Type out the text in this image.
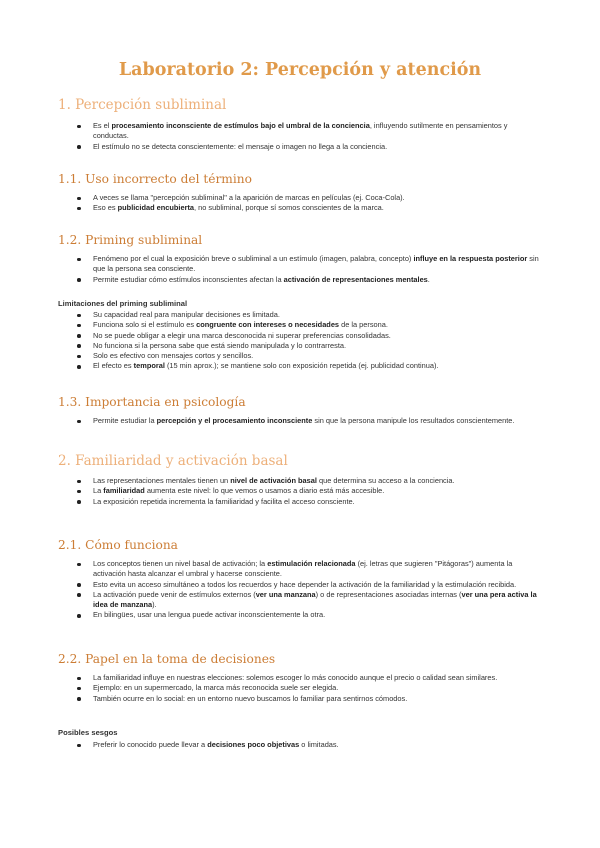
Laboratorio 2: Percepción y atención
1. Percepción subliminal
Es el procesamiento inconsciente de estímulos bajo el umbral de la conciencia, influyendo sutilmente en pensamientos y conductas.
El estímulo no se detecta conscientemente: el mensaje o imagen no llega a la conciencia.
1.1. Uso incorrecto del término
A veces se llama "percepción subliminal" a la aparición de marcas en películas (ej. Coca-Cola).
Eso es publicidad encubierta, no subliminal, porque sí somos conscientes de la marca.
1.2. Priming subliminal
Fenómeno por el cual la exposición breve o subliminal a un estímulo (imagen, palabra, concepto) influye en la respuesta posterior sin que la persona sea consciente.
Permite estudiar cómo estímulos inconscientes afectan la activación de representaciones mentales.
Limitaciones del priming subliminal
Su capacidad real para manipular decisiones es limitada.
Funciona solo si el estímulo es congruente con intereses o necesidades de la persona.
No se puede obligar a elegir una marca desconocida ni superar preferencias consolidadas.
No funciona si la persona sabe que está siendo manipulada y lo contrarresta.
Solo es efectivo con mensajes cortos y sencillos.
El efecto es temporal (15 min aprox.); se mantiene solo con exposición repetida (ej. publicidad continua).
1.3. Importancia en psicología
Permite estudiar la percepción y el procesamiento inconsciente sin que la persona manipule los resultados conscientemente.
2. Familiaridad y activación basal
Las representaciones mentales tienen un nivel de activación basal que determina su acceso a la conciencia.
La familiaridad aumenta este nivel: lo que vemos o usamos a diario está más accesible.
La exposición repetida incrementa la familiaridad y facilita el acceso consciente.
2.1. Cómo funciona
Los conceptos tienen un nivel basal de activación; la estimulación relacionada (ej. letras que sugieren "Pitágoras") aumenta la activación hasta alcanzar el umbral y hacerse consciente.
Esto evita un acceso simultáneo a todos los recuerdos y hace depender la activación de la familiaridad y la estimulación recibida.
La activación puede venir de estímulos externos (ver una manzana) o de representaciones asociadas internas (ver una pera activa la idea de manzana).
En bilingües, usar una lengua puede activar inconscientemente la otra.
2.2. Papel en la toma de decisiones
La familiaridad influye en nuestras elecciones: solemos escoger lo más conocido aunque el precio o calidad sean similares.
Ejemplo: en un supermercado, la marca más reconocida suele ser elegida.
También ocurre en lo social: en un entorno nuevo buscamos lo familiar para sentirnos cómodos.
Posibles sesgos
Preferir lo conocido puede llevar a decisiones poco objetivas o limitadas.
